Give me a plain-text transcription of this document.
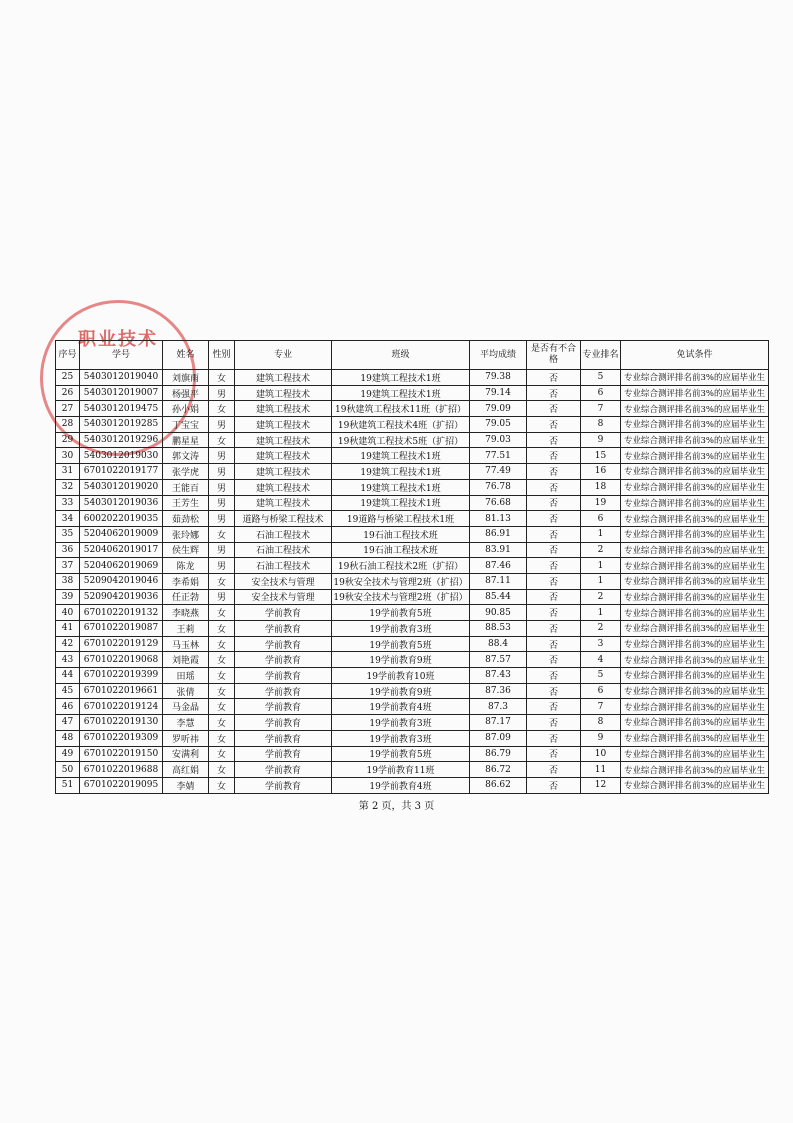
职业技术
序号	学号	姓名	性别	专业	班级	平均成绩	是否有不合格	专业排名	免试条件
25	5403012019040	刘旗雨	女	建筑工程技术	19建筑工程技术1班	79.38	否	5	专业综合测评排名前3%的应届毕业生
26	5403012019007	杨强平	男	建筑工程技术	19建筑工程技术1班	79.14	否	6	专业综合测评排名前3%的应届毕业生
27	5403012019475	孙小娟	女	建筑工程技术	19秋建筑工程技术11班（扩招）	79.09	否	7	专业综合测评排名前3%的应届毕业生
28	5403012019285	丁宝宝	男	建筑工程技术	19秋建筑工程技术4班（扩招）	79.05	否	8	专业综合测评排名前3%的应届毕业生
29	5403012019296	鹏星星	女	建筑工程技术	19秋建筑工程技术5班（扩招）	79.03	否	9	专业综合测评排名前3%的应届毕业生
30	5403012019030	郭文涛	男	建筑工程技术	19建筑工程技术1班	77.51	否	15	专业综合测评排名前3%的应届毕业生
31	6701022019177	张学虎	男	建筑工程技术	19建筑工程技术1班	77.49	否	16	专业综合测评排名前3%的应届毕业生
32	5403012019020	王能百	男	建筑工程技术	19建筑工程技术1班	76.78	否	18	专业综合测评排名前3%的应届毕业生
33	5403012019036	王芳生	男	建筑工程技术	19建筑工程技术1班	76.68	否	19	专业综合测评排名前3%的应届毕业生
34	6002022019035	茹劲松	男	道路与桥梁工程技术	19道路与桥梁工程技术1班	81.13	否	6	专业综合测评排名前3%的应届毕业生
35	5204062019009	张玲娜	女	石油工程技术	19石油工程技术班	86.91	否	1	专业综合测评排名前3%的应届毕业生
36	5204062019017	侯生辉	男	石油工程技术	19石油工程技术班	83.91	否	2	专业综合测评排名前3%的应届毕业生
37	5204062019069	陈龙	男	石油工程技术	19秋石油工程技术2班（扩招）	87.46	否	1	专业综合测评排名前3%的应届毕业生
38	5209042019046	李希娟	女	安全技术与管理	19秋安全技术与管理2班（扩招）	87.11	否	1	专业综合测评排名前3%的应届毕业生
39	5209042019036	任正勃	男	安全技术与管理	19秋安全技术与管理2班（扩招）	85.44	否	2	专业综合测评排名前3%的应届毕业生
40	6701022019132	李晓燕	女	学前教育	19学前教育5班	90.85	否	1	专业综合测评排名前3%的应届毕业生
41	6701022019087	王莉	女	学前教育	19学前教育3班	88.53	否	2	专业综合测评排名前3%的应届毕业生
42	6701022019129	马玉林	女	学前教育	19学前教育5班	88.4	否	3	专业综合测评排名前3%的应届毕业生
43	6701022019068	刘艳霞	女	学前教育	19学前教育9班	87.57	否	4	专业综合测评排名前3%的应届毕业生
44	6701022019399	田瑶	女	学前教育	19学前教育10班	87.43	否	5	专业综合测评排名前3%的应届毕业生
45	6701022019661	张倩	女	学前教育	19学前教育9班	87.36	否	6	专业综合测评排名前3%的应届毕业生
46	6701022019124	马金晶	女	学前教育	19学前教育4班	87.3	否	7	专业综合测评排名前3%的应届毕业生
47	6701022019130	李慧	女	学前教育	19学前教育3班	87.17	否	8	专业综合测评排名前3%的应届毕业生
48	6701022019309	罗听祎	女	学前教育	19学前教育3班	87.09	否	9	专业综合测评排名前3%的应届毕业生
49	6701022019150	安满利	女	学前教育	19学前教育5班	86.79	否	10	专业综合测评排名前3%的应届毕业生
50	6701022019688	高红娟	女	学前教育	19学前教育11班	86.72	否	11	专业综合测评排名前3%的应届毕业生
51	6701022019095	李婧	女	学前教育	19学前教育4班	86.62	否	12	专业综合测评排名前3%的应届毕业生
第 2 页，共 3 页
